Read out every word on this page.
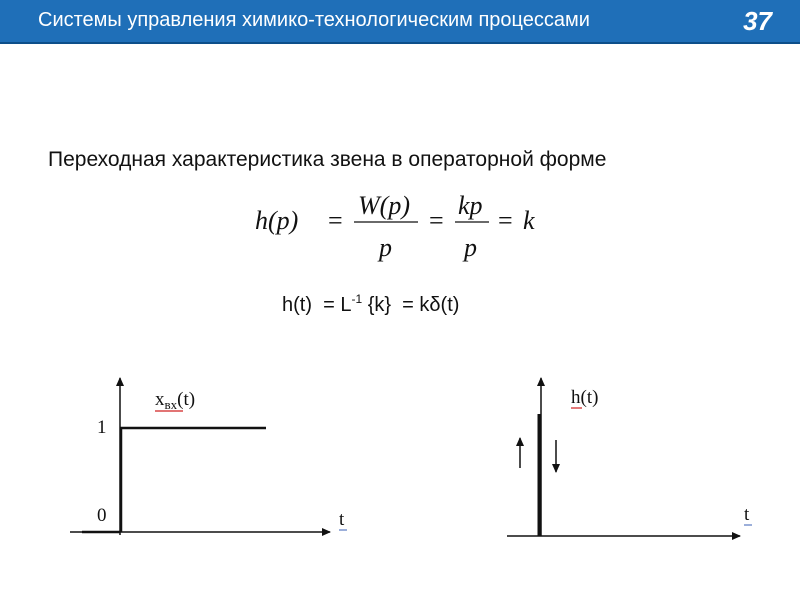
Системы управления химико-технологическим процессами	37
Переходная характеристика звена в операторной форме
h(p) =
W(p)
p
=
kp
p
= k
$h(t) = L^{-1}$ {k}  = kδ(t)
1
0
$x_{вх}(t)$
t
h(t)
t
